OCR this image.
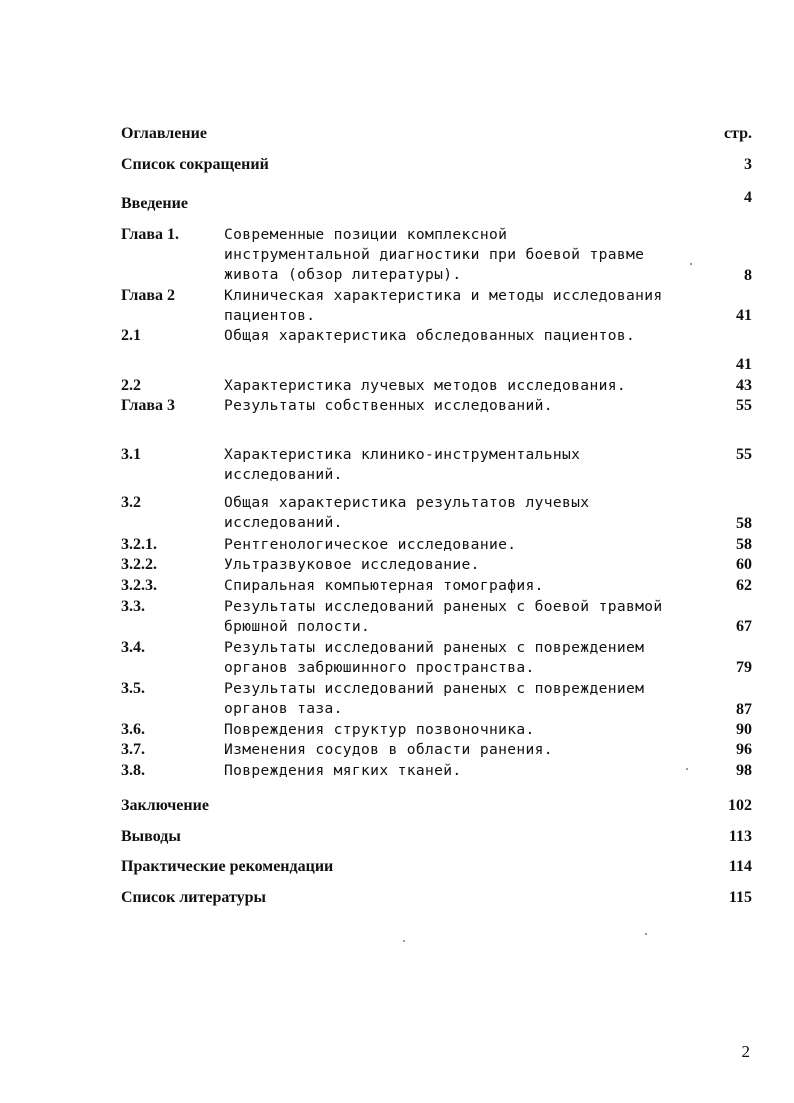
Оглавление	стр.
Список сокращений	3
Введение	4
Глава 1.	Современные позиции комплексной
инструментальной диагностики при боевой травме
живота (обзор литературы).	8
Глава 2	Клиническая характеристика и методы исследования
пациентов.	41
2.1	Общая характеристика обследованных пациентов.
41
2.2	Характеристика лучевых методов исследования.	43
Глава 3	Результаты собственных исследований.	55
3.1	Характеристика клинико-инструментальных
исследований.
55
3.2	Общая характеристика результатов лучевых
исследований.	58
3.2.1.	Рентгенологическое исследование.	58
3.2.2.	Ультразвуковое исследование.	60
3.2.3.	Спиральная компьютерная томография.	62
3.3.	Результаты исследований раненых с боевой травмой
брюшной полости.	67
3.4.	Результаты исследований раненых с повреждением
органов забрюшинного пространства.	79
3.5.	Результаты исследований раненых с повреждением
органов таза.	87
3.6.	Повреждения структур позвоночника.	90
3.7.	Изменения сосудов в области ранения.	96
3.8.	Повреждения мягких тканей.	98
Заключение	102
Выводы	113
Практические рекомендации	114
Список литературы	115
2
